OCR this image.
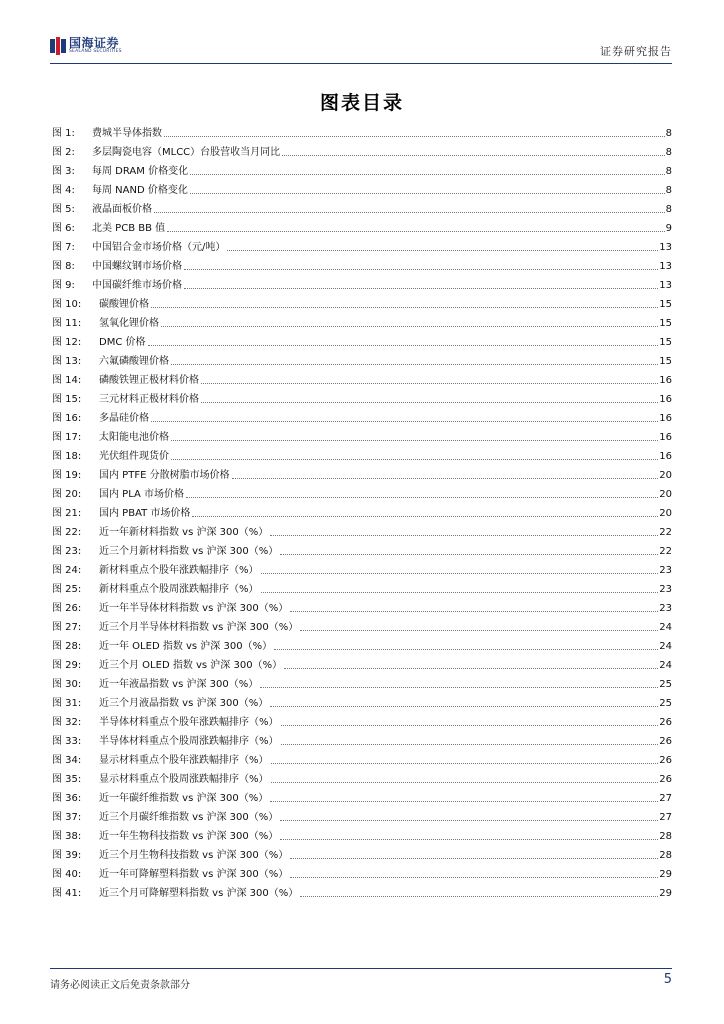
国海证券
SEALAND SECURITIES	证券研究报告
图表目录
图 1:	费城半导体指数	8
图 2:	多层陶瓷电容（MLCC）台股营收当月同比	8
图 3:	每周 DRAM 价格变化	8
图 4:	每周 NAND 价格变化	8
图 5:	液晶面板价格	8
图 6:	北美 PCB BB 值	9
图 7:	中国铝合金市场价格（元/吨）	13
图 8:	中国螺纹钢市场价格	13
图 9:	中国碳纤维市场价格	13
图 10:	碳酸锂价格	15
图 11:	氢氧化锂价格	15
图 12:	DMC 价格	15
图 13:	六氟磷酸锂价格	15
图 14:	磷酸铁锂正极材料价格	16
图 15:	三元材料正极材料价格	16
图 16:	多晶硅价格	16
图 17:	太阳能电池价格	16
图 18:	光伏组件现货价	16
图 19:	国内 PTFE 分散树脂市场价格	20
图 20:	国内 PLA 市场价格	20
图 21:	国内 PBAT 市场价格	20
图 22:	近一年新材料指数 vs 沪深 300（%）	22
图 23:	近三个月新材料指数 vs 沪深 300（%）	22
图 24:	新材料重点个股年涨跌幅排序（%）	23
图 25:	新材料重点个股周涨跌幅排序（%）	23
图 26:	近一年半导体材料指数 vs 沪深 300（%）	23
图 27:	近三个月半导体材料指数 vs 沪深 300（%）	24
图 28:	近一年 OLED 指数 vs 沪深 300（%）	24
图 29:	近三个月 OLED 指数 vs 沪深 300（%）	24
图 30:	近一年液晶指数 vs 沪深 300（%）	25
图 31:	近三个月液晶指数 vs 沪深 300（%）	25
图 32:	半导体材料重点个股年涨跌幅排序（%）	26
图 33:	半导体材料重点个股周涨跌幅排序（%）	26
图 34:	显示材料重点个股年涨跌幅排序（%）	26
图 35:	显示材料重点个股周涨跌幅排序（%）	26
图 36:	近一年碳纤维指数 vs 沪深 300（%）	27
图 37:	近三个月碳纤维指数 vs 沪深 300（%）	27
图 38:	近一年生物科技指数 vs 沪深 300（%）	28
图 39:	近三个月生物科技指数 vs 沪深 300（%）	28
图 40:	近一年可降解塑料指数 vs 沪深 300（%）	29
图 41:	近三个月可降解塑料指数 vs 沪深 300（%）	29
请务必阅读正文后免责条款部分	5
